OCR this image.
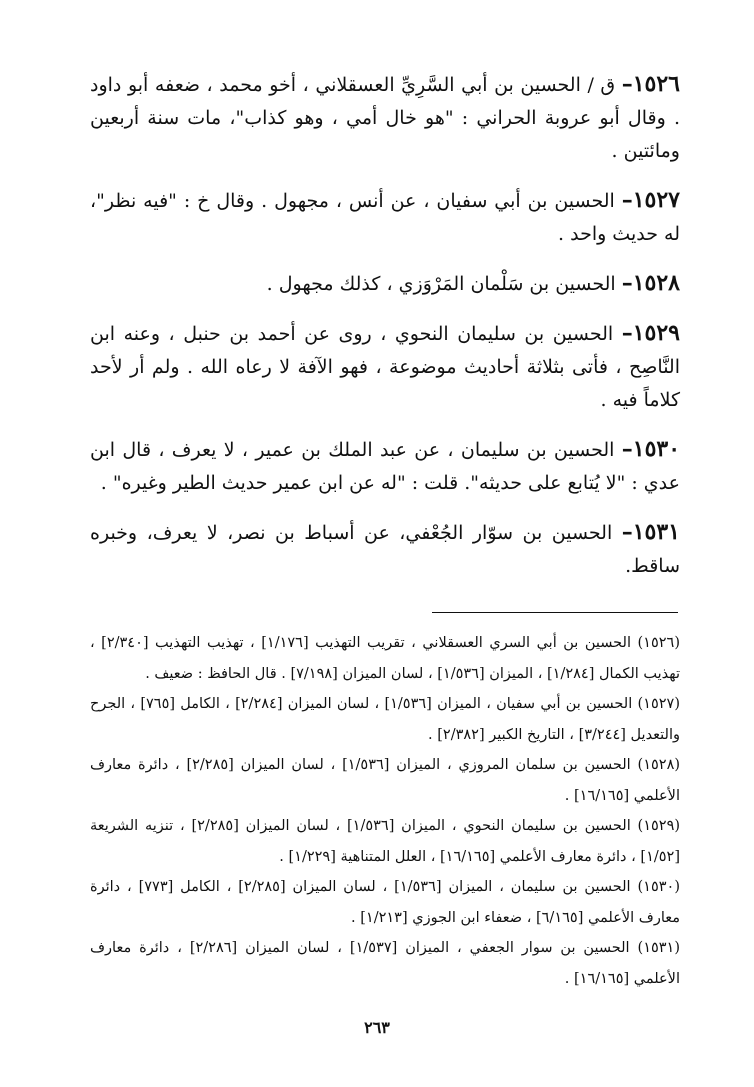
١٥٢٦– ق / الحسين بن أبي السَّرِيِّ العسقلاني ، أخو محمد ، ضعفه أبو داود . وقال أبو عروبة الحراني : "هو خال أمي ، وهو كذاب"، مات سنة أربعين ومائتين .

١٥٢٧– الحسين بن أبي سفيان ، عن أنس ، مجهول . وقال خ : "فيه نظر"، له حديث واحد .

١٥٢٨– الحسين بن سَلْمان المَرْوَزي ، كذلك مجهول .

١٥٢٩– الحسين بن سليمان النحوي ، روى عن أحمد بن حنبل ، وعنه ابن النَّاصِح ، فأتى بثلاثة أحاديث موضوعة ، فهو الآفة لا رعاه الله . ولم أر لأحد كلاماً فيه .

١٥٣٠– الحسين بن سليمان ، عن عبد الملك بن عمير ، لا يعرف ، قال ابن عدي : "لا يُتابع على حديثه". قلت : "له عن ابن عمير حديث الطير وغيره" .

١٥٣١– الحسين بن سوّار الجُعْفي، عن أسباط بن نصر، لا يعرف، وخبره ساقط.

(١٥٢٦) الحسين بن أبي السري العسقلاني ، تقريب التهذيب [١/١٧٦] ، تهذيب التهذيب [٢/٣٤٠] ، تهذيب الكمال [١/٢٨٤] ، الميزان [١/٥٣٦] ، لسان الميزان [٧/١٩٨] . قال الحافظ : ضعيف .

(١٥٢٧) الحسين بن أبي سفيان ، الميزان [١/٥٣٦] ، لسان الميزان [٢/٢٨٤] ، الكامل [٧٦٥] ، الجرح والتعديل [٣/٢٤٤] ، التاريخ الكبير [٢/٣٨٢] .

(١٥٢٨) الحسين بن سلمان المروزي ، الميزان [١/٥٣٦] ، لسان الميزان [٢/٢٨٥] ، دائرة معارف الأعلمي [١٦/١٦٥] .

(١٥٢٩) الحسين بن سليمان النحوي ، الميزان [١/٥٣٦] ، لسان الميزان [٢/٢٨٥] ، تنزيه الشريعة [١/٥٢] ، دائرة معارف الأعلمي [١٦/١٦٥] ، العلل المتناهية [١/٢٢٩] .

(١٥٣٠) الحسين بن سليمان ، الميزان [١/٥٣٦] ، لسان الميزان [٢/٢٨٥] ، الكامل [٧٧٣] ، دائرة معارف الأعلمي [٦/١٦٥] ، ضعفاء ابن الجوزي [١/٢١٣] .

(١٥٣١) الحسين بن سوار الجعفي ، الميزان [١/٥٣٧] ، لسان الميزان [٢/٢٨٦] ، دائرة معارف الأعلمي [١٦/١٦٥] .

٢٦٣
